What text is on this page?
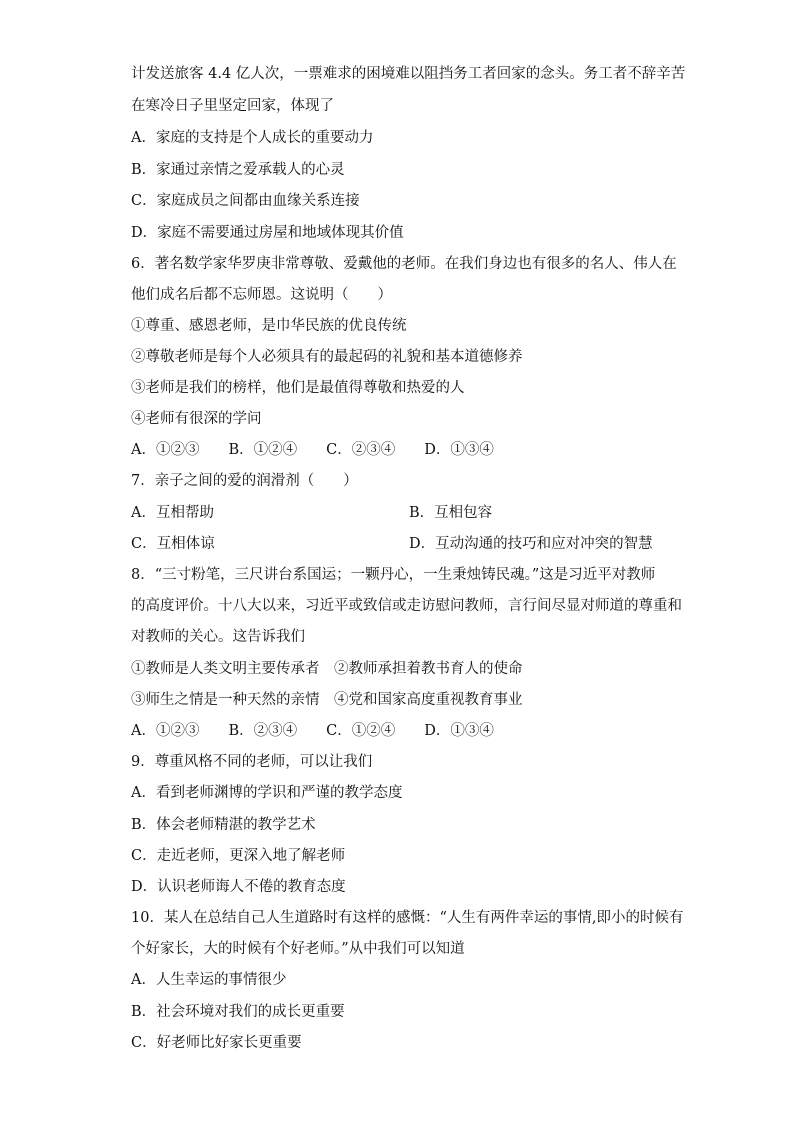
计发送旅客 4.4 亿人次，一票难求的困境难以阻挡务工者回家的念头。务工者不辞辛苦
在寒冷日子里坚定回家，体现了
A．家庭的支持是个人成长的重要动力
B．家通过亲情之爱承载人的心灵
C．家庭成员之间都由血缘关系连接
D．家庭不需要通过房屋和地域体现其价值
6．著名数学家华罗庚非常尊敬、爱戴他的老师。在我们身边也有很多的名人、伟人在
他们成名后都不忘师恩。这说明（　　）
①尊重、感恩老师，是巾华民族的优良传统
②尊敬老师是每个人必须具有的最起码的礼貌和基本道德修养
③老师是我们的榜样，他们是最值得尊敬和热爱的人
④老师有很深的学问
A．①②③　　B．①②④　　C．②③④　　D．①③④
7．亲子之间的爱的润滑剂（　　）
A．互相帮助	B．互相包容
C．互相体谅	D．互动沟通的技巧和应对冲突的智慧
8．“三寸粉笔，三尺讲台系国运；一颗丹心，一生秉烛铸民魂。”这是习近平对教师
的高度评价。十八大以来，习近平或致信或走访慰问教师，言行间尽显对师道的尊重和
对教师的关心。这告诉我们
①教师是人类文明主要传承者　②教师承担着教书育人的使命
③师生之情是一种天然的亲情　④党和国家高度重视教育事业
A．①②③　　B．②③④　　C．①②④　　D．①③④
9．尊重风格不同的老师，可以让我们
A．看到老师渊博的学识和严谨的教学态度
B．体会老师精湛的教学艺术
C．走近老师，更深入地了解老师
D．认识老师诲人不倦的教育态度
10．某人在总结自己人生道路时有这样的感慨：“人生有两件幸运的事情,即小的时候有
个好家长，大的时候有个好老师。”从中我们可以知道
A．人生幸运的事情很少
B．社会环境对我们的成长更重要
C．好老师比好家长更重要
